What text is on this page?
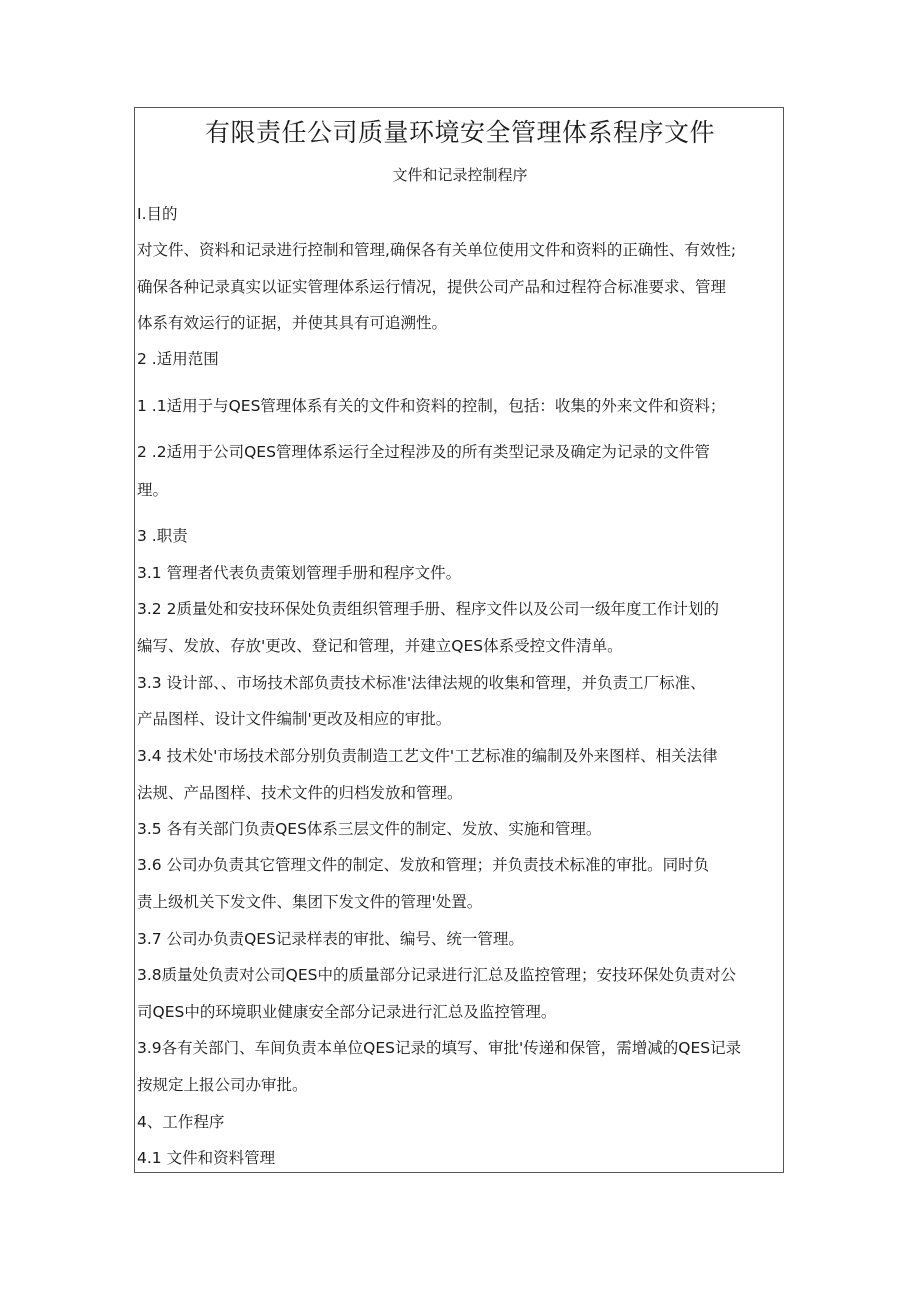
有限责任公司质量环境安全管理体系程序文件
文件和记录控制程序
I.目的
对文件、资料和记录进行控制和管理,确保各有关单位使用文件和资料的正确性、有效性;
确保各种记录真实以证实管理体系运行情况，提供公司产品和过程符合标准要求、管理
体系有效运行的证据，并使其具有可追溯性。
2 .适用范围
1 .1适用于与QES管理体系有关的文件和资料的控制，包括：收集的外来文件和资料；
2 .2适用于公司QES管理体系运行全过程涉及的所有类型记录及确定为记录的文件管
理。
3 .职责
3.1 管理者代表负责策划管理手册和程序文件。
3.2 2质量处和安技环保处负责组织管理手册、程序文件以及公司一级年度工作计划的
编写、发放、存放'更改、登记和管理，并建立QES体系受控文件清单。
3.3 设计部、、市场技术部负责技术标准'法律法规的收集和管理，并负责工厂标准、
产品图样、设计文件编制'更改及相应的审批。
3.4 技术处'市场技术部分别负责制造工艺文件'工艺标准的编制及外来图样、相关法律
法规、产品图样、技术文件的归档发放和管理。
3.5 各有关部门负责QES体系三层文件的制定、发放、实施和管理。
3.6 公司办负责其它管理文件的制定、发放和管理；并负责技术标准的审批。同时负
责上级机关下发文件、集团下发文件的管理'处置。
3.7 公司办负责QES记录样表的审批、编号、统一管理。
3.8质量处负责对公司QES中的质量部分记录进行汇总及监控管理；安技环保处负责对公
司QES中的环境职业健康安全部分记录进行汇总及监控管理。
3.9各有关部门、车间负责本单位QES记录的填写、审批'传递和保管，需增减的QES记录
按规定上报公司办审批。
4、工作程序
4.1 文件和资料管理
